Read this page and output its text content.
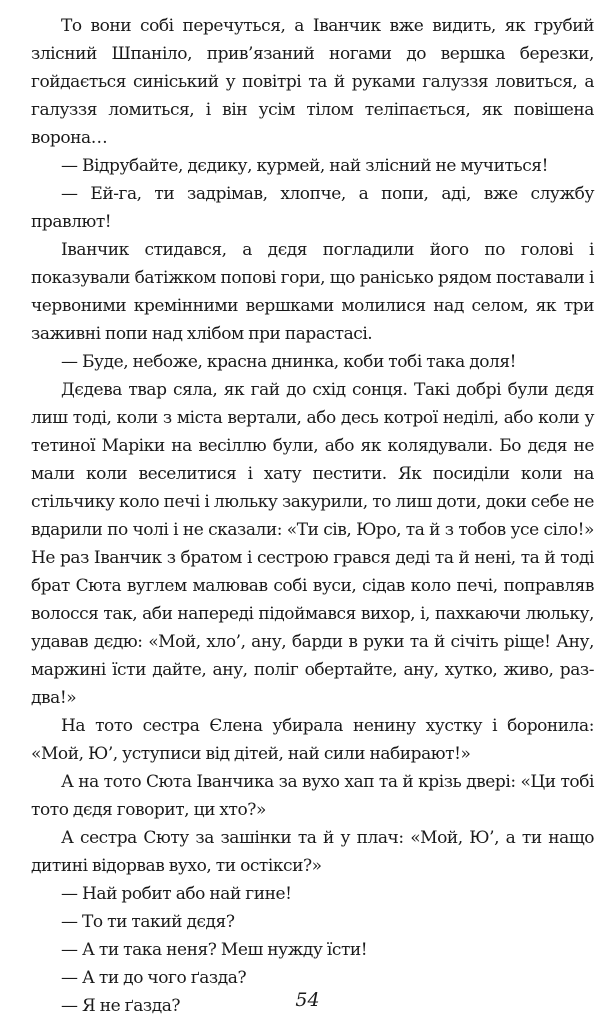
То вони собі перечуться, а Іванчик вже видить, як грубий злісний Шпаніло, прив’язаний ногами до вершка березки, гойдається синіський у повітрі та й руками галуззя ловиться, а галуззя ломиться, і він усім тілом теліпається, як повішена ворона…

— Відрубайте, дєдику, курмей, най злісний не мучиться!

— Ей-га, ти задрімав, хлопче, а попи, аді, вже службу правлют!

Іванчик стидався, а дєдя погладили його по голові і показували батіжком попові гори, що ранісько рядом поставали і червоними кремінними вершками молилися над селом, як три заживні попи над хлібом при парастасі.

— Буде, небоже, красна днинка, коби тобі така доля!

Дєдева твар сяла, як гай до схід сонця. Такі добрі були дєдя лиш тоді, коли з міста вертали, або десь котрої неділі, або коли у тетиної Маріки на весіллю були, або як колядували. Бо дєдя не мали коли веселитися і хату пестити. Як посиділи коли на стільчику коло печі і люльку закурили, то лиш доти, доки себе не вдарили по чолі і не сказали: «Ти сів, Юро, та й з тобов усе сіло!» Не раз Іванчик з братом і сестрою грався деді та й нені, та й тоді брат Сюта вуглем малював собі вуси, сідав коло печі, поправляв волосся так, аби наперeді підоймався вихор, і, пахкаючи люльку, удавав дєдю: «Мой, хло’, ану, барди в руки та й січіть ріще! Ану, маржині їсти дайте, ану, поліг обертайте, ану, хутко, живо, раз-два!»

На тото сестра Єлена убирала ненину хустку і боронила: «Мой, Ю’, уступиси від дітей, най сили набирают!»

А на тото Сюта Іванчика за вухо хап та й крізь двері: «Ци тобі тото дєдя говорит, ци хто?»

А сестра Сюту за зашінки та й у плач: «Мой, Ю’, а ти нащо дитині відорвав вухо, ти остікси?»

— Най робит або най гине!

— То ти такий дєдя?

— А ти така неня? Меш нужду їсти!

— А ти до чого ґазда?

— Я не ґазда?	54
